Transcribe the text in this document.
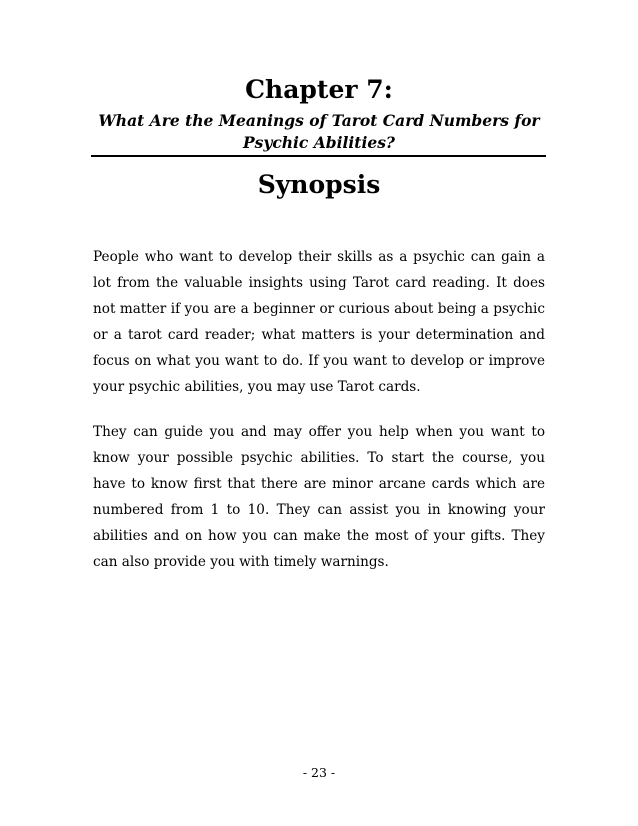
Chapter 7:
What Are the Meanings of Tarot Card Numbers for Psychic Abilities?
Synopsis

People who want to develop their skills as a psychic can gain a lot from the valuable insights using Tarot card reading. It does not matter if you are a beginner or curious about being a psychic or a tarot card reader; what matters is your determination and focus on what you want to do. If you want to develop or improve your psychic abilities, you may use Tarot cards.

They can guide you and may offer you help when you want to know your possible psychic abilities. To start the course, you have to know first that there are minor arcane cards which are numbered from 1 to 10. They can assist you in knowing your abilities and on how you can make the most of your gifts. They can also provide you with timely warnings.

- 23 -
